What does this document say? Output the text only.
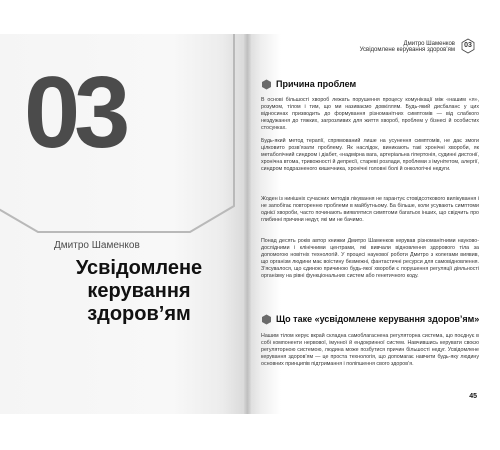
03
Дмитро Шаменков
Усвідомлене
керування
здоров’ям
Дмитро Шаменков
Усвідомлене керування здоров’ям
03
Причина проблем
В основі більшості хвороб лежать порушення процесу комунікації між «нашим «я», розумом, тілом і тим, що ми називаємо довкіллям. Будь-який дисбаланс у цих відносинах призводить до формування різноманітних симптомів — від слабкого нездужання до тяжких, загрозливих для життя хвороб, проблем у бізнесі й особистих стосунках.
Будь-який метод терапії, спрямований лише на усунення симптомів, не дає змоги цілковито розв’язати проблему. Як наслідок, виникають такі хронічні хвороби, як метаболічний синдром і діабет, «надмірна вага, артеріальна гіпертонія, судинні дистонії, хронічна втома, тривожності й депресії, стареві розлади, проблеми з імунітетом, алергії, синдром подразненого кишечника, хронічні головні болі й онкологічні недуги.
Жоден із нинішніх сучасних методів лікування не гарантує стовідсоткового вилікування і не запобігає повторенню проблеми в майбутньому. Ба більше, коли усувають симптоми однієї хвороби, часто починають виявлятися симптоми багатьох інших, що свідчить про глибинні причини недуг, які ми не бачимо.
Понад десять років автор книжки Дмитро Шаменков керував різноманітними науково-дослідними і клінічними центрами, які вивчали відновлення здорового тіла за допомогою новітніх технологій. У процесі наукової роботи Дмитро з колегами виявив, що організм людини має воістину безмежні, фантастичні ресурси для самовідновлення. З’ясувалося, що єдиною причиною будь-якої хвороби є порушення регуляції діяльності організму на рівні функціональних систем або генетичного коду.
Що таке «усвідомлене керування здоров’ям»
Нашим тілом керує вкрай складна самоблагаснена регуляторна система, що поєднує в собі компоненти нервової, імунної й ендокринної систем. Навчившись керувати своєю регуляторною системою, людина може позбутися причин більшості недуг. Усвідомлене керування здоров’ям — це проста технологія, що допомагає навчити будь-яку людину основних принципів підтримання і поліпшення свого здоров’я.
45
